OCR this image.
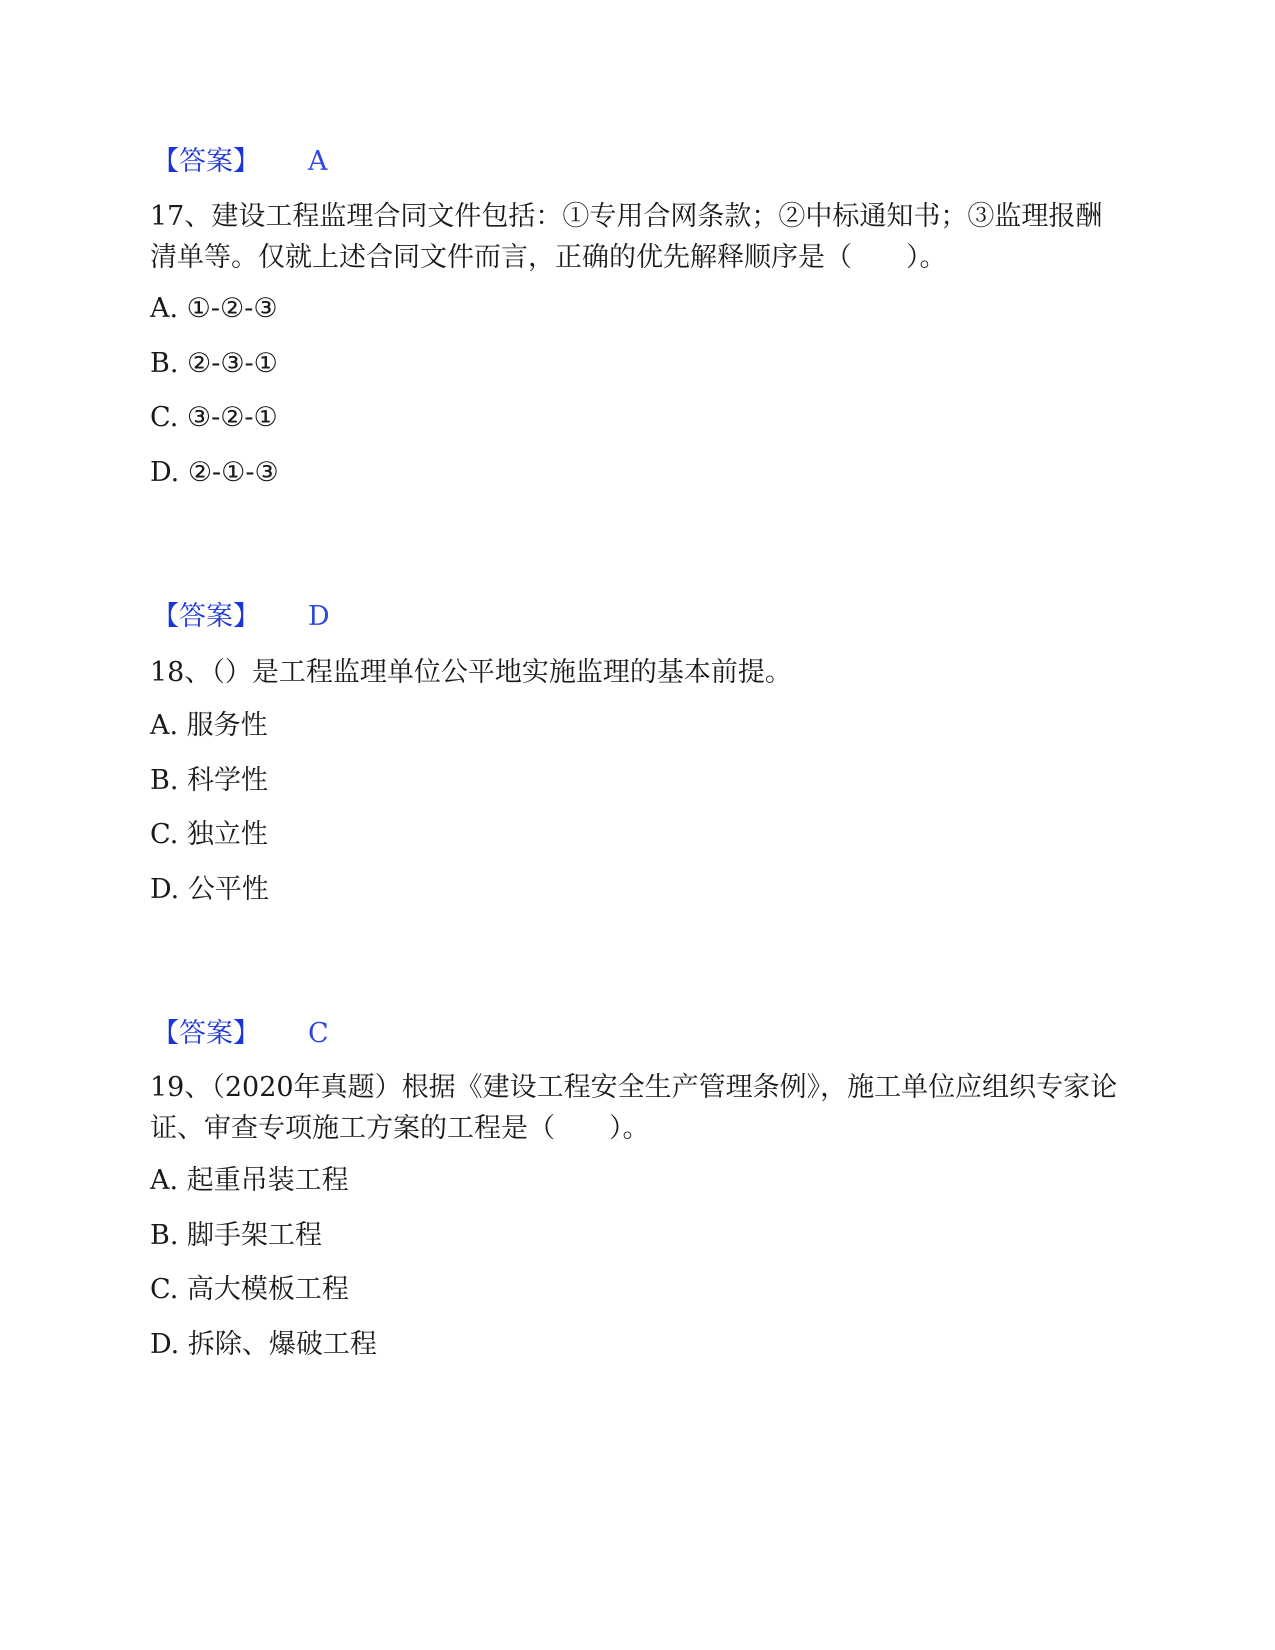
【答案】 A
17、建设工程监理合同文件包括：①专用合网条款；②中标通知书；③监理报酬清单等。仅就上述合同文件而言，正确的优先解释顺序是（　　）。
A. ①-②-③
B. ②-③-①
C. ③-②-①
D. ②-①-③
【答案】 D
18、（）是工程监理单位公平地实施监理的基本前提。
A. 服务性
B. 科学性
C. 独立性
D. 公平性
【答案】 C
19、（2020年真题）根据《建设工程安全生产管理条例》，施工单位应组织专家论证、审查专项施工方案的工程是（　　）。
A. 起重吊装工程
B. 脚手架工程
C. 高大模板工程
D. 拆除、爆破工程
